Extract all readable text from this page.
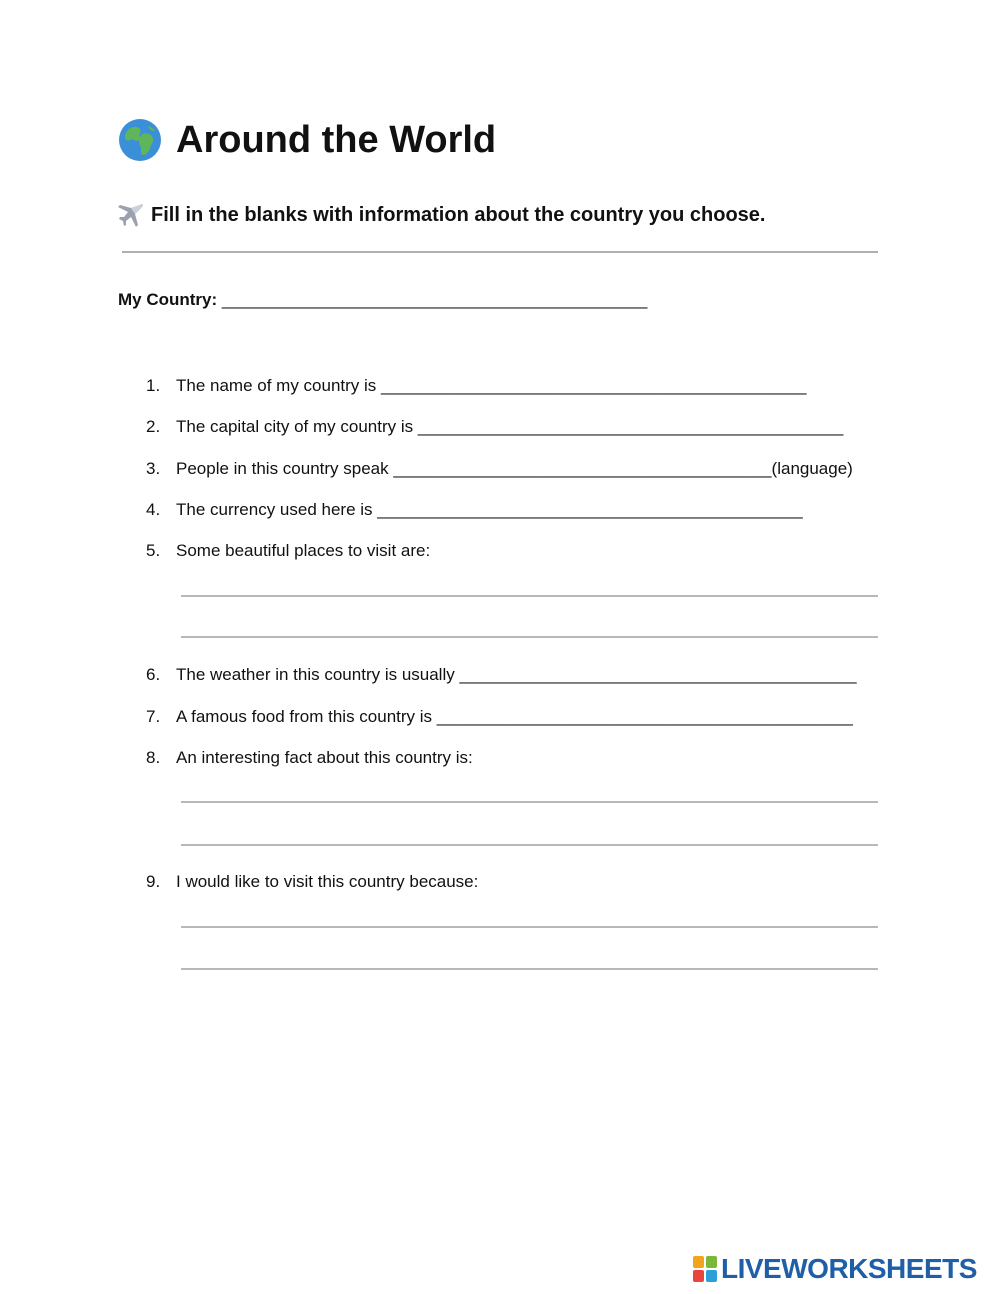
Around the World
Fill in the blanks with information about the country you choose.
My Country: _____________________________________________
1. The name of my country is _____________________________________________
2. The capital city of my country is _____________________________________________
3. People in this country speak ________________________________________(language)
4. The currency used here is _____________________________________________
5. Some beautiful places to visit are:
6. The weather in this country is usually __________________________________________
7. A famous food from this country is ____________________________________________
8. An interesting fact about this country is:
9. I would like to visit this country because:
LIVEWORKSHEETS
